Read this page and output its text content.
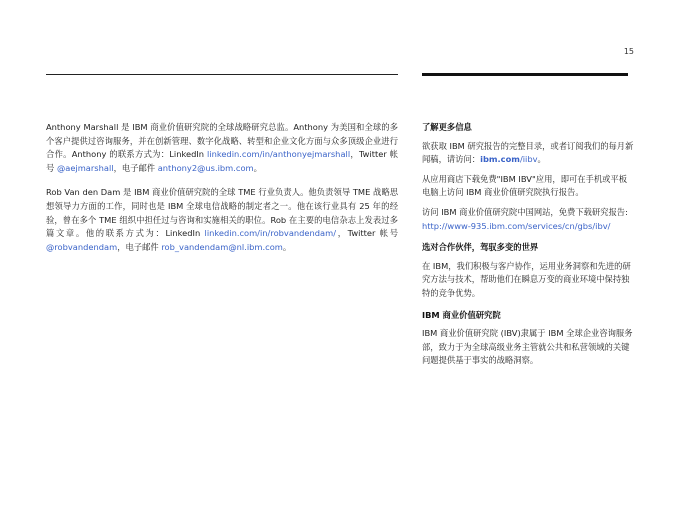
15

Anthony Marshall 是 IBM 商业价值研究院的全球战略研究总监。Anthony 为美国和全球的多个客户提供过咨询服务，并在创新管理、数字化战略、转型和企业文化方面与众多顶级企业进行合作。Anthony 的联系方式为：LinkedIn linkedin.com/in/anthonyejmarshall，Twitter 帐号 @aejmarshall，电子邮件 anthony2@us.ibm.com。

Rob Van den Dam 是 IBM 商业价值研究院的全球 TME 行业负责人。他负责领导 TME 战略思想领导力方面的工作，同时也是 IBM 全球电信战略的制定者之一。他在该行业具有 25 年的经验，曾在多个 TME 组织中担任过与咨询和实施相关的职位。Rob 在主要的电信杂志上发表过多篇文章。他的联系方式为：LinkedIn linkedin.com/in/robvandendam/，Twitter 帐号 @robvandendam，电子邮件 rob_vandendam@nl.ibm.com。

了解更多信息

欲获取 IBM 研究报告的完整目录，或者订阅我们的每月新闻稿，请访问：ibm.com/iibv。

从应用商店下载免费"IBM IBV"应用，即可在手机或平板电脑上访问 IBM 商业价值研究院执行报告。

访问 IBM 商业价值研究院中国网站，免费下载研究报告: http://www-935.ibm.com/services/cn/gbs/ibv/

选对合作伙伴，驾驭多变的世界

在 IBM，我们积极与客户协作，运用业务洞察和先进的研究方法与技术，帮助他们在瞬息万变的商业环境中保持独特的竞争优势。

IBM 商业价值研究院

IBM 商业价值研究院 (IBV)隶属于 IBM 全球企业咨询服务部，致力于为全球高级业务主管就公共和私营领域的关键问题提供基于事实的战略洞察。
